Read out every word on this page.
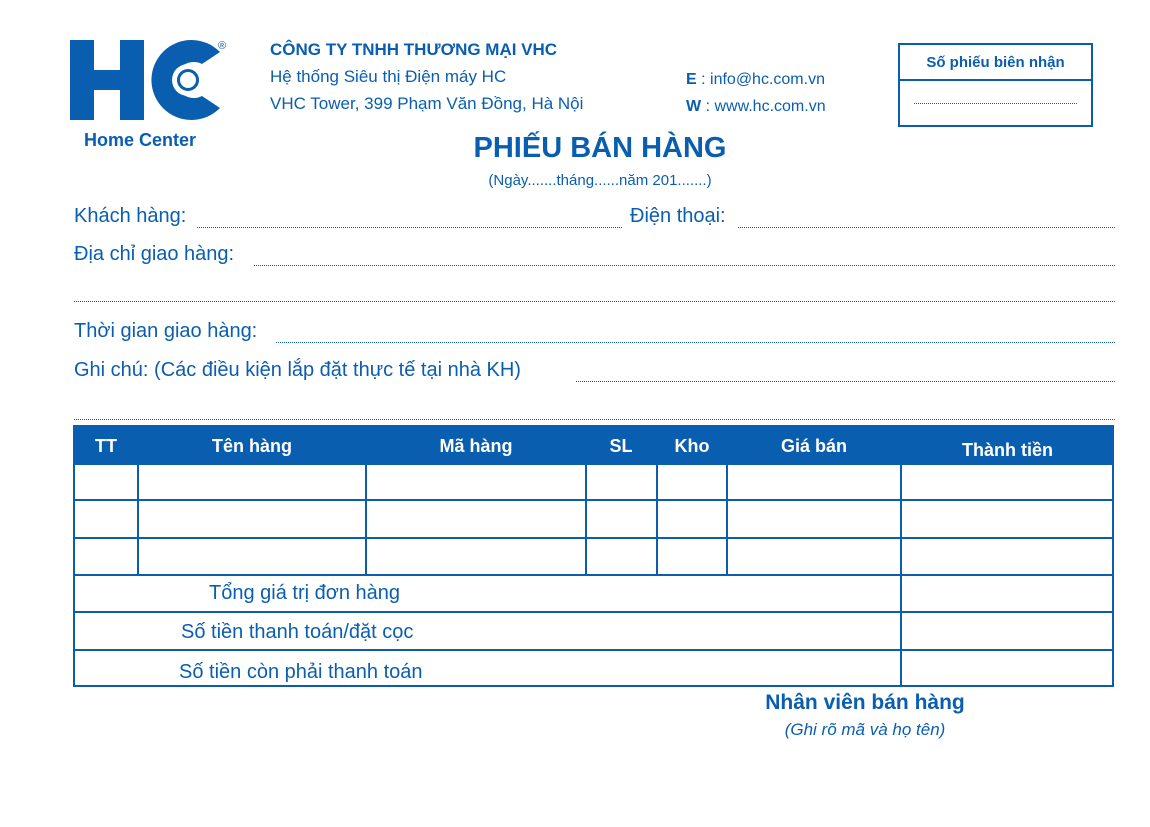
®
Home Center
CÔNG TY TNHH THƯƠNG MẠI VHC
Hệ thống Siêu thị Điện máy HC
VHC Tower, 399 Phạm Văn Đồng, Hà Nội
E : info@hc.com.vn
W : www.hc.com.vn
Số phiếu biên nhận
PHIẾU BÁN HÀNG
(Ngày.......tháng......năm 201.......)
Khách hàng:	Điện thoại:
Địa chỉ giao hàng:
Thời gian giao hàng:
Ghi chú: (Các điều kiện lắp đặt thực tế tại nhà KH)
TT	Tên hàng	Mã hàng	SL	Kho	Giá bán	Thành tiền
Tổng giá trị đơn hàng
Số tiền thanh toán/đặt cọc
Số tiền còn phải thanh toán
Nhân viên bán hàng
(Ghi rõ mã và họ tên)
